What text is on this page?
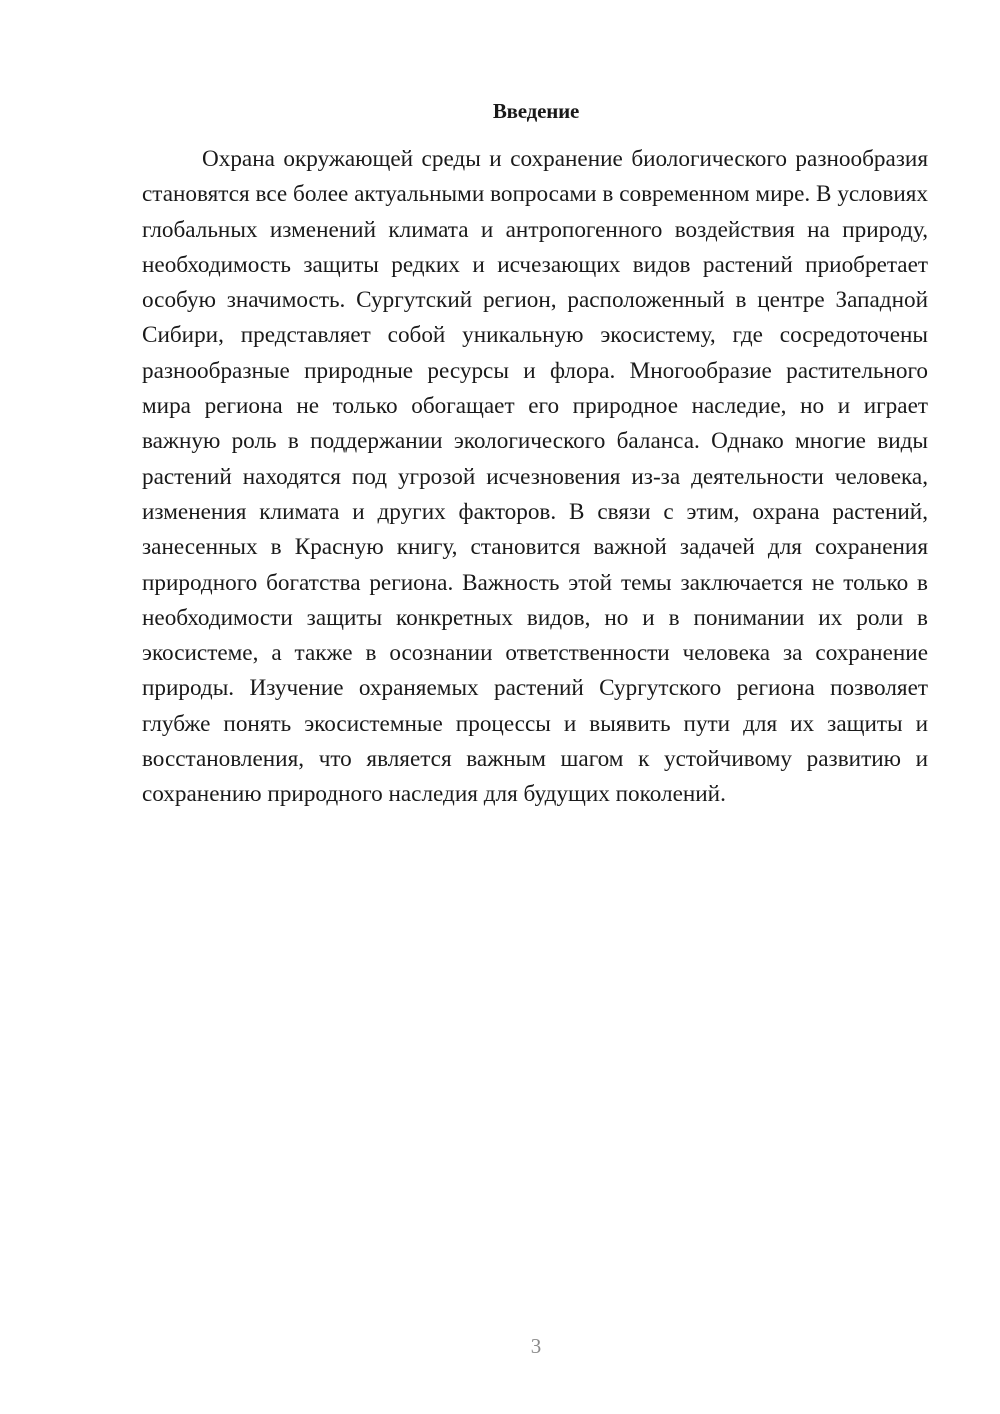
Введение

Охрана окружающей среды и сохранение биологического разнообразия становятся все более актуальными вопросами в современном мире. В условиях глобальных изменений климата и антропогенного воздействия на природу, необходимость защиты редких и исчезающих видов растений приобретает особую значимость. Сургутский регион, расположенный в центре Западной Сибири, представляет собой уникальную экосистему, где сосредоточены разнообразные природные ресурсы и флора. Многообразие растительного мира региона не только обогащает его природное наследие, но и играет важную роль в поддержании экологического баланса. Однако многие виды растений находятся под угрозой исчезновения из-за деятельности человека, изменения климата и других факторов. В связи с этим, охрана растений, занесенных в Красную книгу, становится важной задачей для сохранения природного богатства региона. Важность этой темы заключается не только в необходимости защиты конкретных видов, но и в понимании их роли в экосистеме, а также в осознании ответственности человека за сохранение природы. Изучение охраняемых растений Сургутского региона позволяет глубже понять экосистемные процессы и выявить пути для их защиты и восстановления, что является важным шагом к устойчивому развитию и сохранению природного наследия для будущих поколений.

3
